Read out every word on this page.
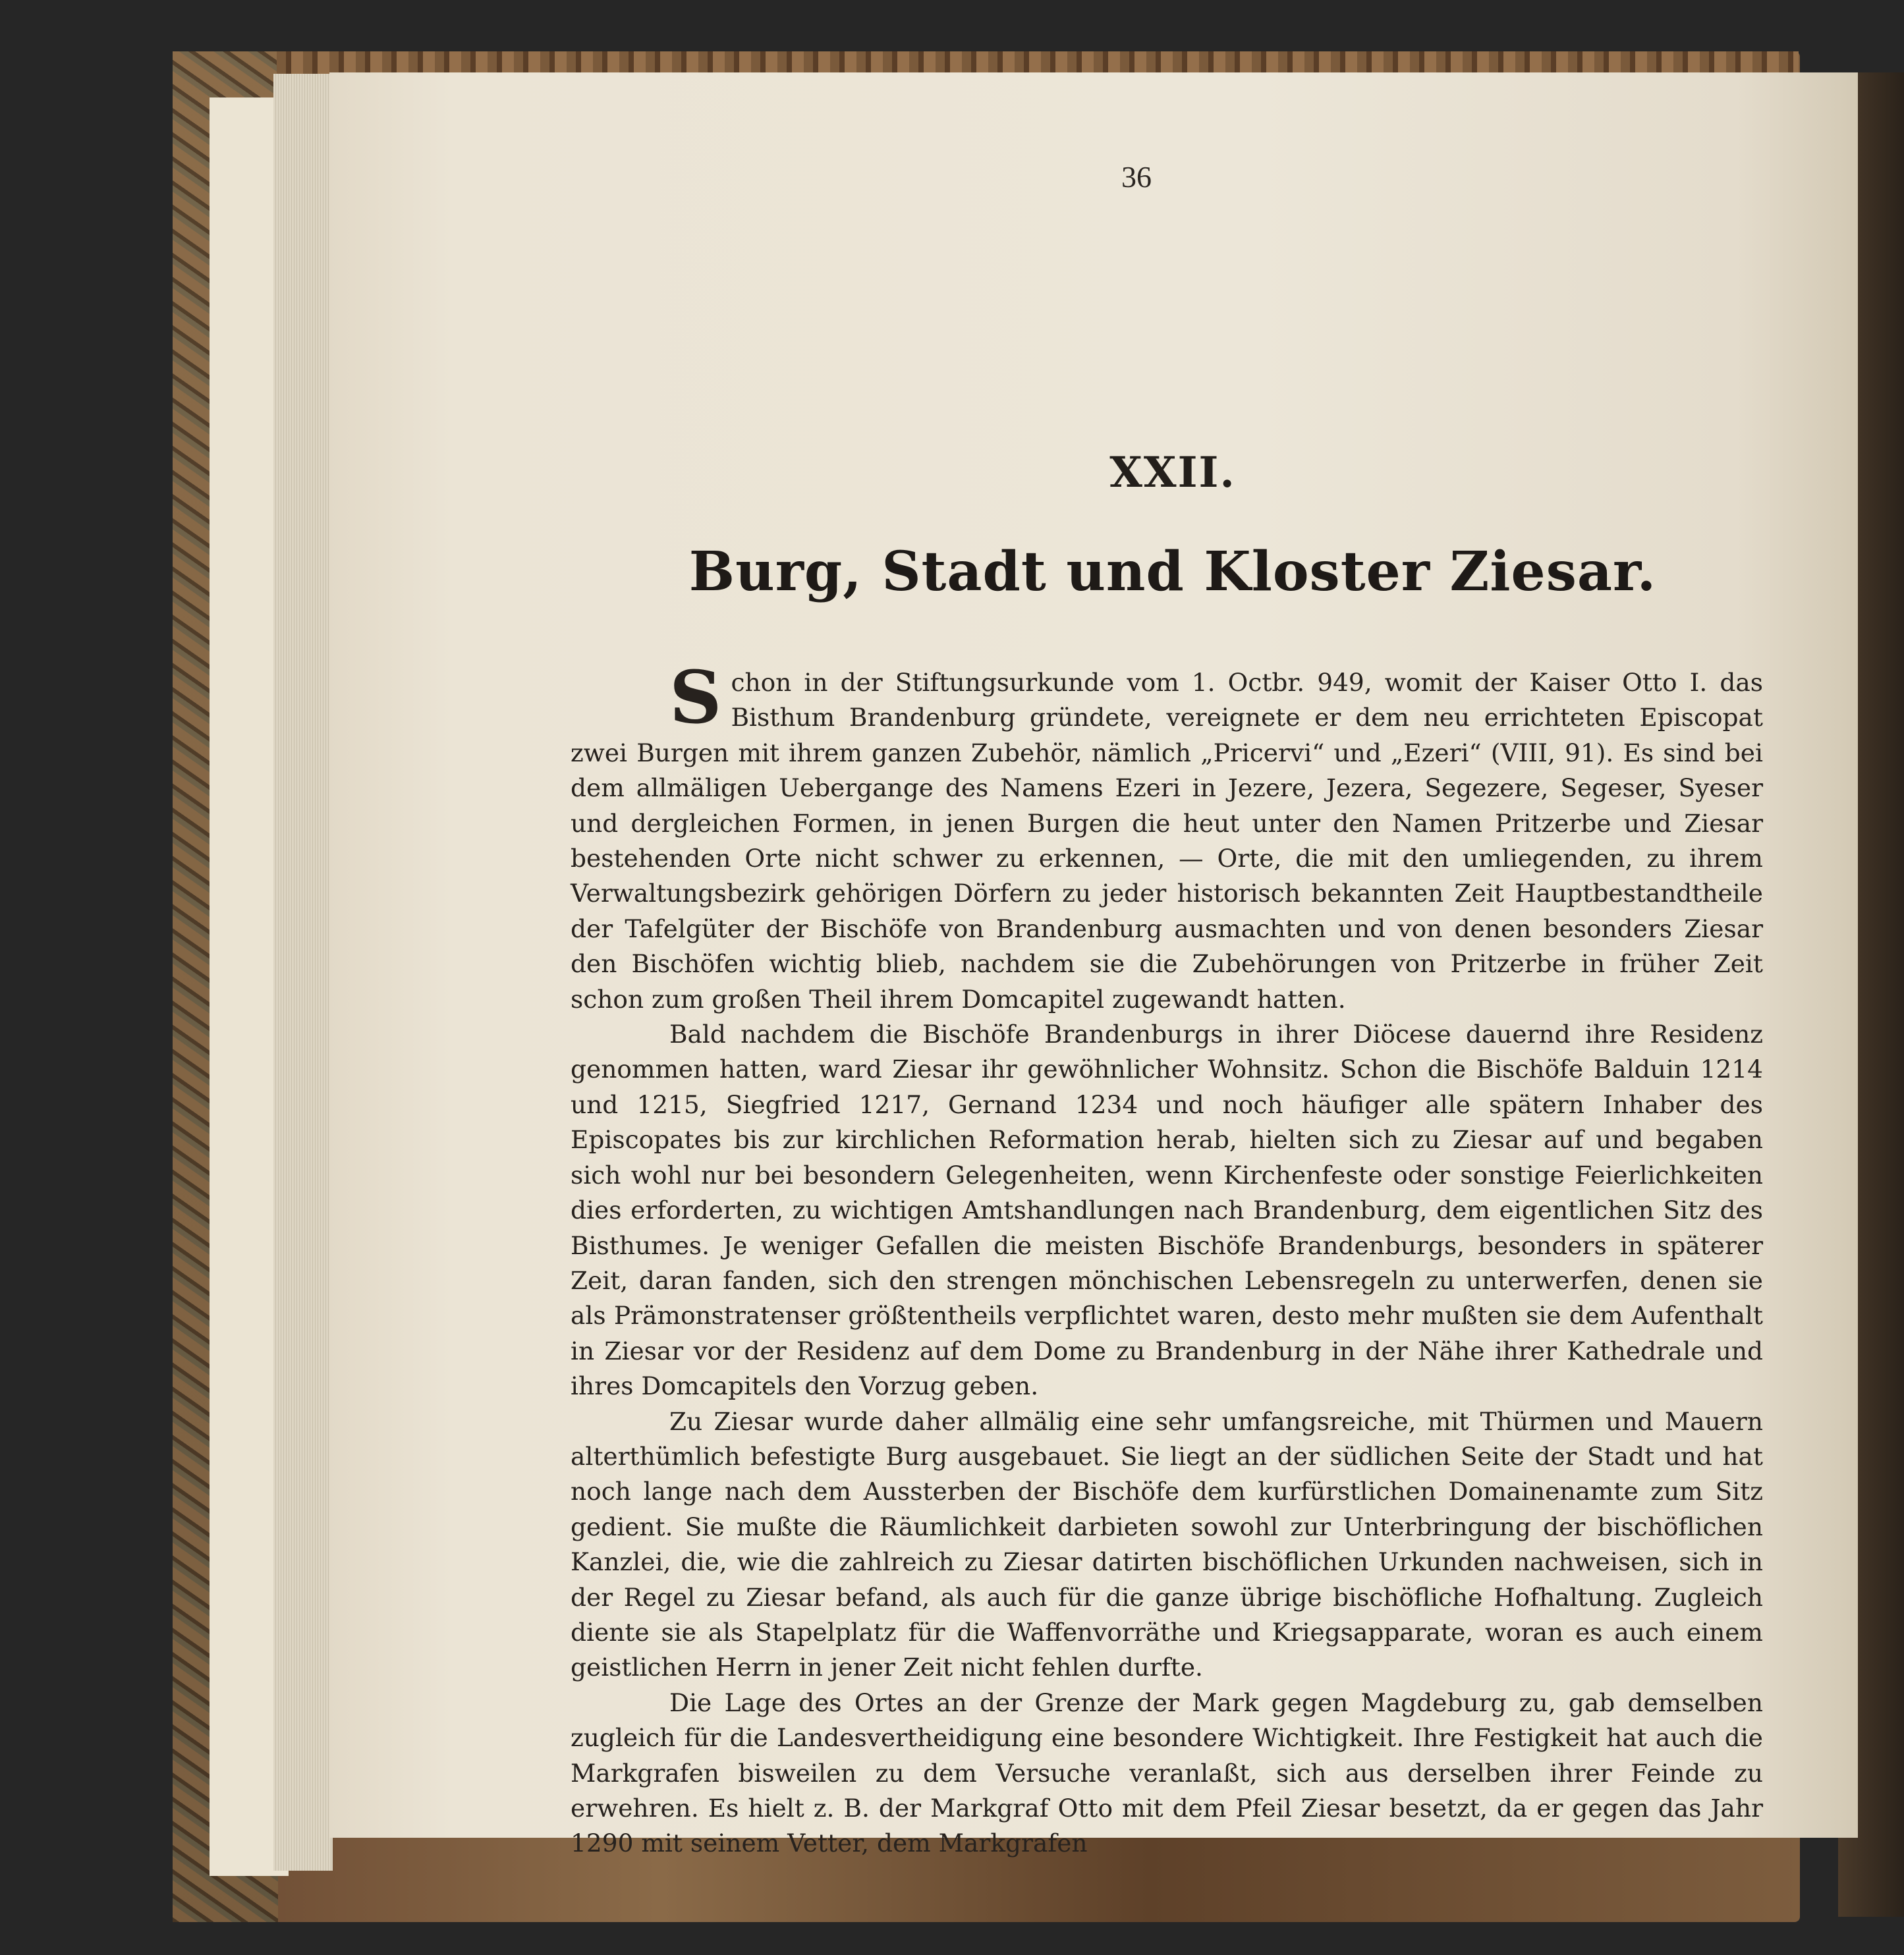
36
XXII.
Burg, Stadt und Kloster Ziesar.

Schon in der Stiftungsurkunde vom 1. Octbr. 949, womit der Kaiser Otto I. das Bisthum Brandenburg gründete, vereignete er dem neu errichteten Episcopat zwei Burgen mit ihrem ganzen Zubehör, nämlich „Pricervi“ und „Ezeri“ (VIII, 91). Es sind bei dem allmäligen Uebergange des Namens Ezeri in Jezere, Jezera, Segezere, Segeser, Syeser und dergleichen Formen, in jenen Burgen die heut unter den Namen Pritzerbe und Ziesar bestehenden Orte nicht schwer zu erkennen, — Orte, die mit den umliegenden, zu ihrem Verwaltungsbezirk gehörigen Dörfern zu jeder historisch bekannten Zeit Hauptbestandtheile der Tafelgüter der Bischöfe von Brandenburg ausmachten und von denen besonders Ziesar den Bischöfen wichtig blieb, nachdem sie die Zubehörungen von Pritzerbe in früher Zeit schon zum großen Theil ihrem Domcapitel zugewandt hatten.

Bald nachdem die Bischöfe Brandenburgs in ihrer Diöcese dauernd ihre Residenz genommen hatten, ward Ziesar ihr gewöhnlicher Wohnsitz. Schon die Bischöfe Balduin 1214 und 1215, Siegfried 1217, Gernand 1234 und noch häufiger alle spätern Inhaber des Episcopates bis zur kirchlichen Reformation herab, hielten sich zu Ziesar auf und begaben sich wohl nur bei besondern Gelegenheiten, wenn Kirchenfeste oder sonstige Feierlichkeiten dies erforderten, zu wichtigen Amtshandlungen nach Brandenburg, dem eigentlichen Sitz des Bisthumes. Je weniger Gefallen die meisten Bischöfe Brandenburgs, besonders in späterer Zeit, daran fanden, sich den strengen mönchischen Lebensregeln zu unterwerfen, denen sie als Prämonstratenser größtentheils verpflichtet waren, desto mehr mußten sie dem Aufenthalt in Ziesar vor der Residenz auf dem Dome zu Brandenburg in der Nähe ihrer Kathedrale und ihres Domcapitels den Vorzug geben.

Zu Ziesar wurde daher allmälig eine sehr umfangsreiche, mit Thürmen und Mauern alterthümlich befestigte Burg ausgebauet. Sie liegt an der südlichen Seite der Stadt und hat noch lange nach dem Aussterben der Bischöfe dem kurfürstlichen Domainenamte zum Sitz gedient. Sie mußte die Räumlichkeit darbieten sowohl zur Unterbringung der bischöflichen Kanzlei, die, wie die zahlreich zu Ziesar datirten bischöflichen Urkunden nachweisen, sich in der Regel zu Ziesar befand, als auch für die ganze übrige bischöfliche Hofhaltung. Zugleich diente sie als Stapelplatz für die Waffenvorräthe und Kriegsapparate, woran es auch einem geistlichen Herrn in jener Zeit nicht fehlen durfte.

Die Lage des Ortes an der Grenze der Mark gegen Magdeburg zu, gab demselben zugleich für die Landesvertheidigung eine besondere Wichtigkeit. Ihre Festigkeit hat auch die Markgrafen bisweilen zu dem Versuche veranlaßt, sich aus derselben ihrer Feinde zu erwehren. Es hielt z. B. der Markgraf Otto mit dem Pfeil Ziesar besetzt, da er gegen das Jahr 1290 mit seinem Vetter, dem Markgrafen
